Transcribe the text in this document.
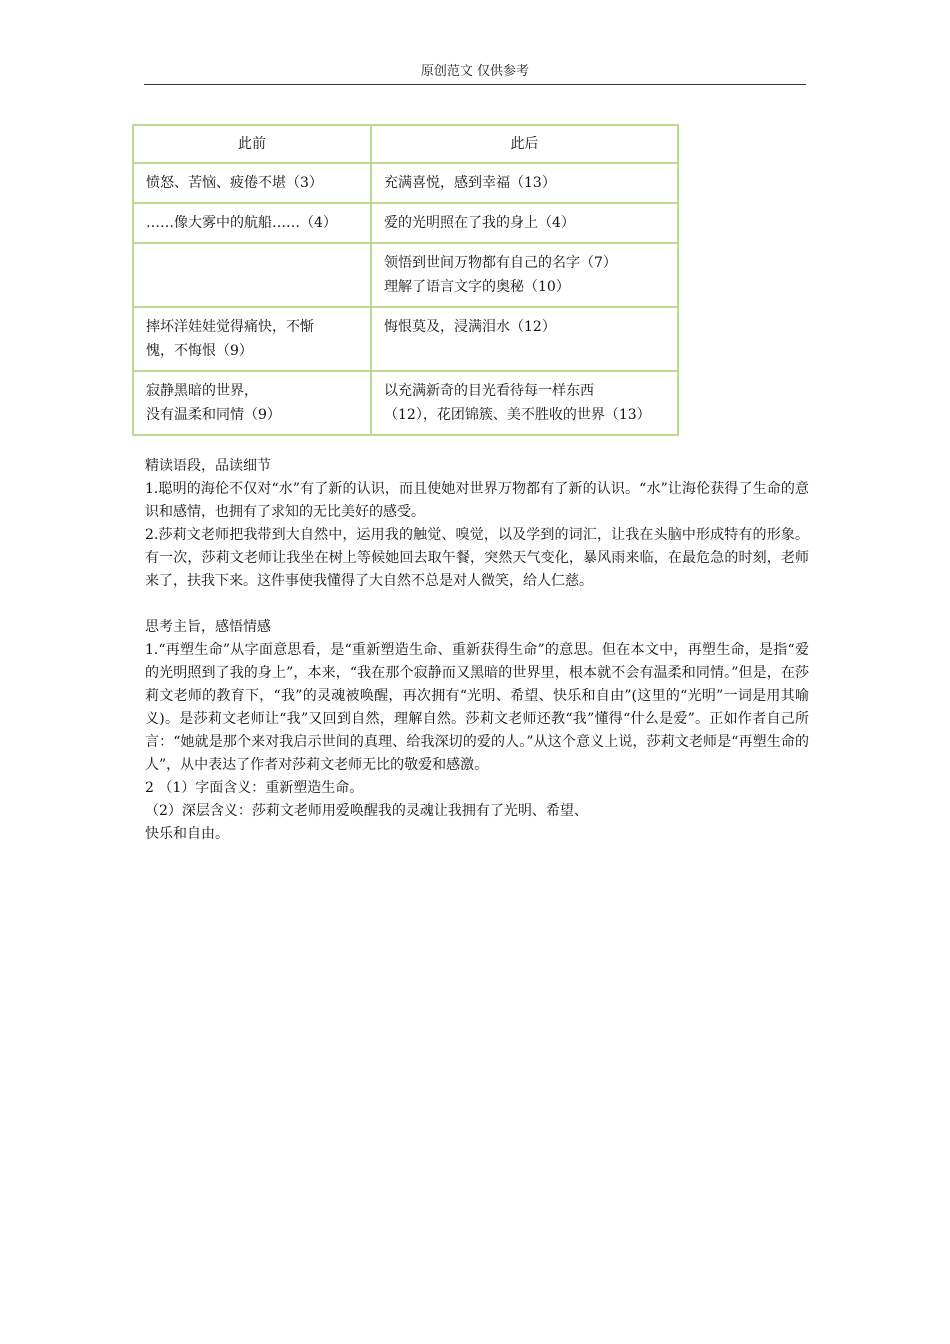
原创范文 仅供参考
此前	此后

愤怒、苦恼、疲倦不堪（3）	充满喜悦，感到幸福（13）

……像大雾中的航船……（4）	爱的光明照在了我的身上（4）

	领悟到世间万物都有自己的名字（7）
理解了语言文字的奥秘（10）

摔坏洋娃娃觉得痛快，不惭
愧，不悔恨（9）	悔恨莫及，浸满泪水（12）

寂静黑暗的世界，
没有温柔和同情（9）	以充满新奇的目光看待每一样东西
（12），花团锦簇、美不胜收的世界（13）

精读语段，品读细节

1.聪明的海伦不仅对“水”有了新的认识，而且使她对世界万物都有了新的认识。“水”让海伦获得了生命的意识和感情，也拥有了求知的无比美好的感受。

2.莎莉文老师把我带到大自然中，运用我的触觉、嗅觉，以及学到的词汇，让我在头脑中形成特有的形象。有一次，莎莉文老师让我坐在树上等候她回去取午餐，突然天气变化，暴风雨来临，在最危急的时刻，老师来了，扶我下来。这件事使我懂得了大自然不总是对人微笑，给人仁慈。

思考主旨，感悟情感

1.“再塑生命”从字面意思看，是“重新塑造生命、重新获得生命”的意思。但在本文中，再塑生命，是指“爱的光明照到了我的身上”，本来，“我在那个寂静而又黑暗的世界里，根本就不会有温柔和同情。”但是，在莎莉文老师的教育下，“我”的灵魂被唤醒，再次拥有“光明、希望、快乐和自由”(这里的“光明”一词是用其喻义)。是莎莉文老师让“我”又回到自然，理解自然。莎莉文老师还教“我”懂得“什么是爱”。正如作者自己所言：“她就是那个来对我启示世间的真理、给我深切的爱的人。”从这个意义上说，莎莉文老师是“再塑生命的人”，从中表达了作者对莎莉文老师无比的敬爱和感激。

2 （1）字面含义：重新塑造生命。

（2）深层含义：莎莉文老师用爱唤醒我的灵魂让我拥有了光明、希望、

快乐和自由。
